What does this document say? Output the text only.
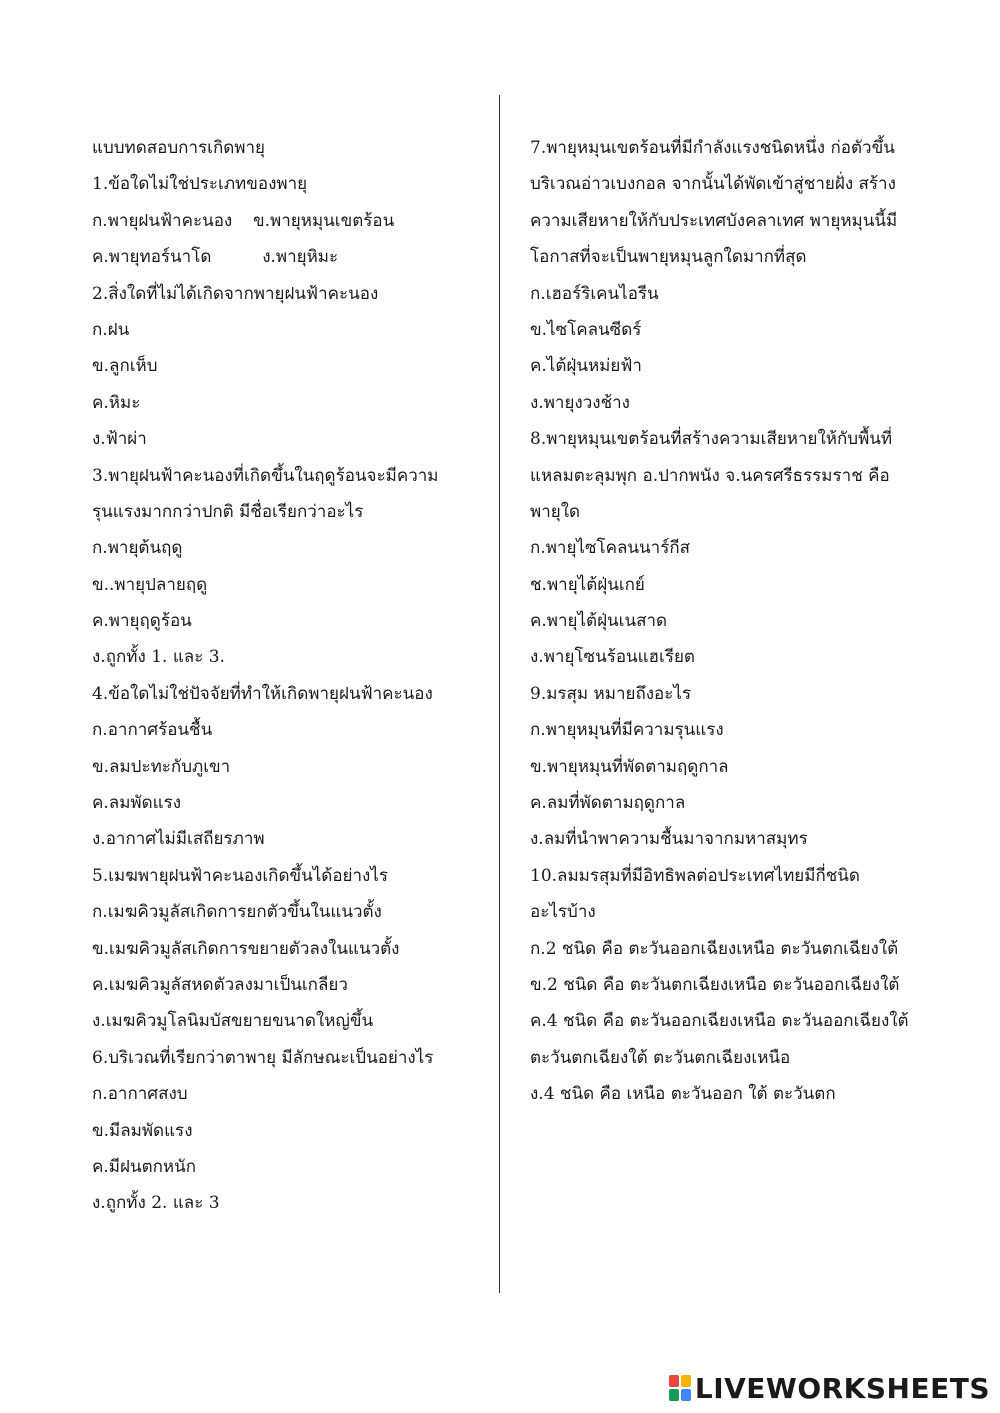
แบบทดสอบการเกิดพายุ
1.ข้อใดไม่ใช่ประเภทของพายุ
ก.พายุฝนฟ้าคะนอง ข.พายุหมุนเขตร้อน
ค.พายุทอร์นาโด	ง.พายุหิมะ
2.สิ่งใดที่ไม่ได้เกิดจากพายุฝนฟ้าคะนอง
ก.ฝน
ข.ลูกเห็บ
ค.หิมะ
ง.ฟ้าผ่า
3.พายุฝนฟ้าคะนองที่เกิดขึ้นในฤดูร้อนจะมีความ
รุนแรงมากกว่าปกติ มีชื่อเรียกว่าอะไร
ก.พายุต้นฤดู
ข..พายุปลายฤดู
ค.พายุฤดูร้อน
ง.ถูกทั้ง 1. และ 3.
4.ข้อใดไม่ใช่ปัจจัยที่ทำให้เกิดพายุฝนฟ้าคะนอง
ก.อากาศร้อนชื้น
ข.ลมปะทะกับภูเขา
ค.ลมพัดแรง
ง.อากาศไม่มีเสถียรภาพ
5.เมฆพายุฝนฟ้าคะนองเกิดขึ้นได้อย่างไร
ก.เมฆคิวมูลัสเกิดการยกตัวขึ้นในแนวตั้ง
ข.เมฆคิวมูลัสเกิดการขยายตัวลงในแนวตั้ง
ค.เมฆคิวมูลัสหดตัวลงมาเป็นเกลียว
ง.เมฆคิวมูโลนิมบัสขยายขนาดใหญ่ขึ้น
6.บริเวณที่เรียกว่าตาพายุ มีลักษณะเป็นอย่างไร
ก.อากาศสงบ
ข.มีลมพัดแรง
ค.มีฝนตกหนัก
ง.ถูกทั้ง 2. และ 3
7.พายุหมุนเขตร้อนที่มีกำลังแรงชนิดหนึ่ง ก่อตัวขึ้น
บริเวณอ่าวเบงกอล จากนั้นได้พัดเข้าสู่ชายฝั่ง สร้าง
ความเสียหายให้กับประเทศบังคลาเทศ พายุหมุนนี้มี
โอกาสที่จะเป็นพายุหมุนลูกใดมากที่สุด
ก.เฮอร์ริเคนไอรีน
ข.ไซโคลนซีดร์
ค.ไต้ฝุ่นหม่ยฟ้า
ง.พายุงวงช้าง
8.พายุหมุนเขตร้อนที่สร้างความเสียหายให้กับพื้นที่
แหลมตะลุมพุก อ.ปากพนัง จ.นครศรีธรรมราช คือ
พายุใด
ก.พายุไซโคลนนาร์กีส
ช.พายุไต้ฝุ่นเกย์
ค.พายุไต้ฝุ่นเนสาด
ง.พายุโซนร้อนแฮเรียต
9.มรสุม หมายถึงอะไร
ก.พายุหมุนที่มีความรุนแรง
ข.พายุหมุนที่พัดตามฤดูกาล
ค.ลมที่พัดตามฤดูกาล
ง.ลมที่นำพาความชื้นมาจากมหาสมุทร
10.ลมมรสุมที่มีอิทธิพลต่อประเทศไทยมีกี่ชนิด
อะไรบ้าง
ก.2 ชนิด คือ ตะวันออกเฉียงเหนือ ตะวันตกเฉียงใต้
ข.2 ชนิด คือ ตะวันตกเฉียงเหนือ ตะวันออกเฉียงใต้
ค.4 ชนิด คือ ตะวันออกเฉียงเหนือ ตะวันออกเฉียงใต้
ตะวันตกเฉียงใต้ ตะวันตกเฉียงเหนือ
ง.4 ชนิด คือ เหนือ ตะวันออก ใต้ ตะวันตก
LIVEWORKSHEETS
